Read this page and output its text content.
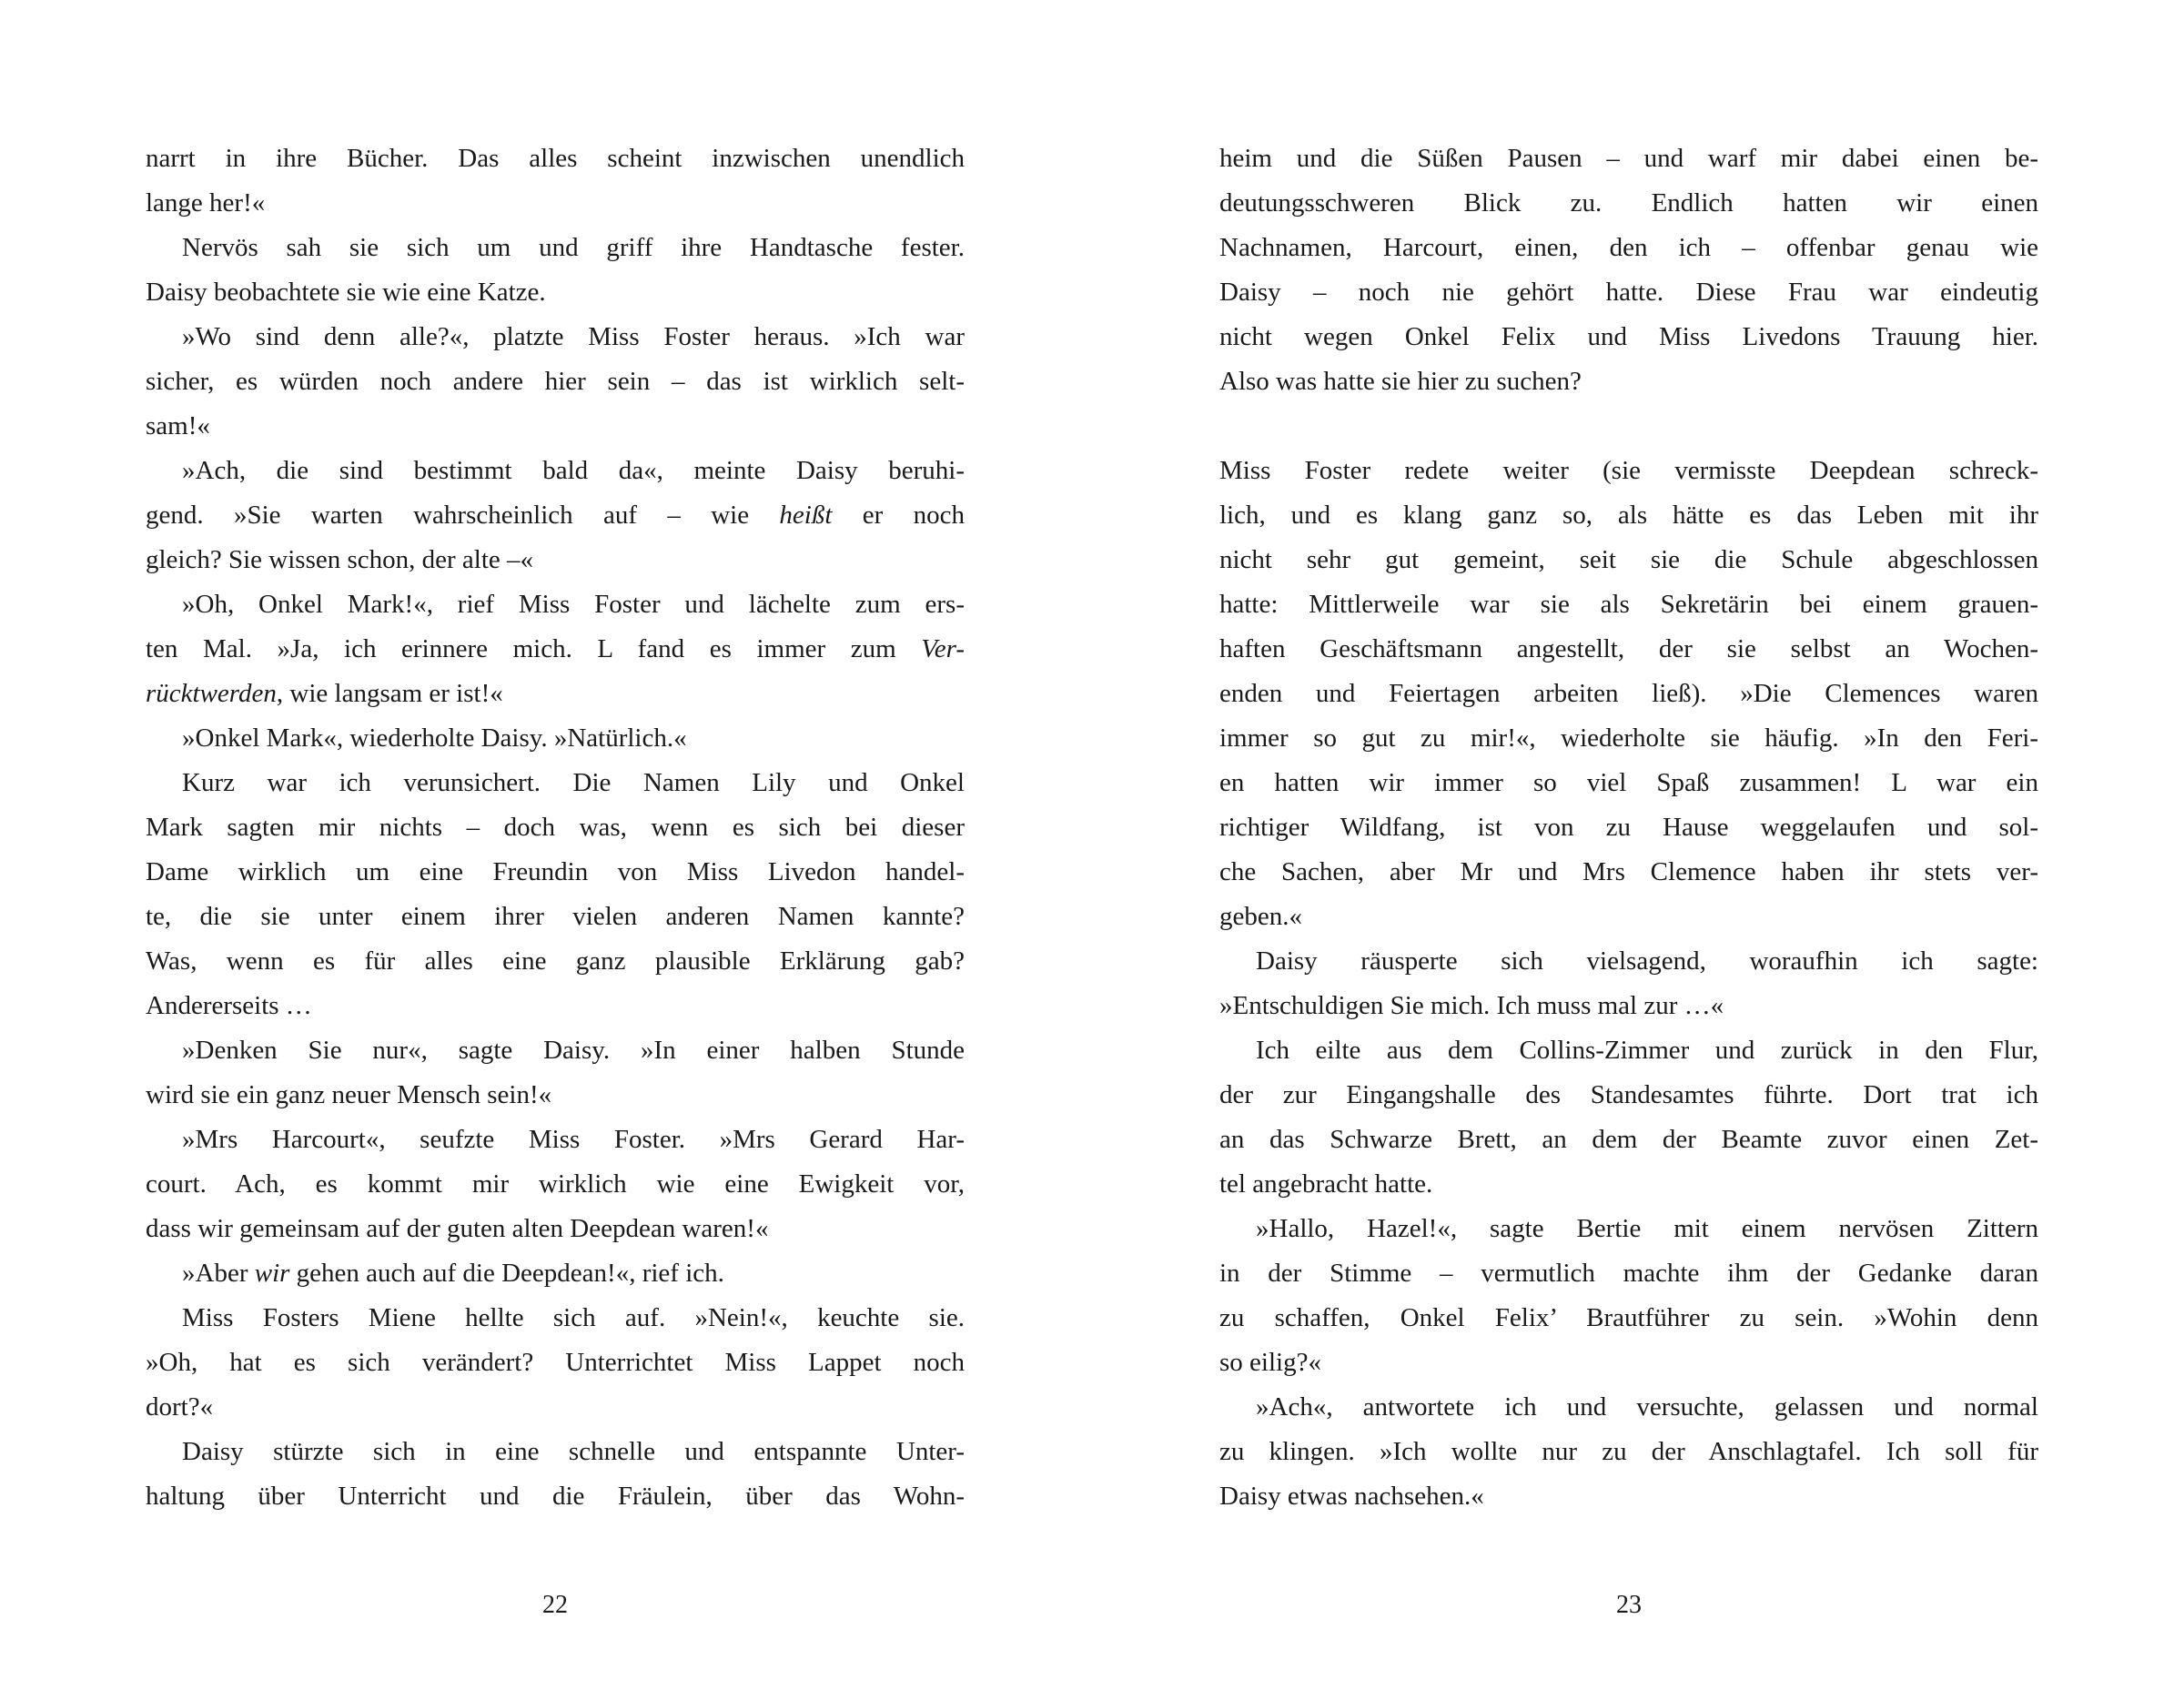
narrt in ihre Bücher. Das alles scheint inzwischen unendlich
lange her!«

Nervös sah sie sich um und griff ihre Handtasche fester.
Daisy beobachtete sie wie eine Katze.

»Wo sind denn alle?«, platzte Miss Foster heraus. »Ich war
sicher, es würden noch andere hier sein – das ist wirklich selt-
sam!«

»Ach, die sind bestimmt bald da«, meinte Daisy beruhi-
gend. »Sie warten wahrscheinlich auf – wie heißt er noch
gleich? Sie wissen schon, der alte –«

»Oh, Onkel Mark!«, rief Miss Foster und lächelte zum ers-
ten Mal. »Ja, ich erinnere mich. L fand es immer zum Ver-
rücktwerden, wie langsam er ist!«

»Onkel Mark«, wiederholte Daisy. »Natürlich.«

Kurz war ich verunsichert. Die Namen Lily und Onkel
Mark sagten mir nichts – doch was, wenn es sich bei dieser
Dame wirklich um eine Freundin von Miss Livedon handel-
te, die sie unter einem ihrer vielen anderen Namen kannte?
Was, wenn es für alles eine ganz plausible Erklärung gab?
Andererseits …

»Denken Sie nur«, sagte Daisy. »In einer halben Stunde
wird sie ein ganz neuer Mensch sein!«

»Mrs Harcourt«, seufzte Miss Foster. »Mrs Gerard Har-
court. Ach, es kommt mir wirklich wie eine Ewigkeit vor,
dass wir gemeinsam auf der guten alten Deepdean waren!«

»Aber wir gehen auch auf die Deepdean!«, rief ich.

Miss Fosters Miene hellte sich auf. »Nein!«, keuchte sie.
»Oh, hat es sich verändert? Unterrichtet Miss Lappet noch
dort?«

Daisy stürzte sich in eine schnelle und entspannte Unter-
haltung über Unterricht und die Fräulein, über das Wohn-

22

heim und die Süßen Pausen – und warf mir dabei einen be-
deutungsschweren Blick zu. Endlich hatten wir einen
Nachnamen, Harcourt, einen, den ich – offenbar genau wie
Daisy – noch nie gehört hatte. Diese Frau war eindeutig
nicht wegen Onkel Felix und Miss Livedons Trauung hier.
Also was hatte sie hier zu suchen?

Miss Foster redete weiter (sie vermisste Deepdean schreck-
lich, und es klang ganz so, als hätte es das Leben mit ihr
nicht sehr gut gemeint, seit sie die Schule abgeschlossen
hatte: Mittlerweile war sie als Sekretärin bei einem grauen-
haften Geschäftsmann angestellt, der sie selbst an Wochen-
enden und Feiertagen arbeiten ließ). »Die Clemences waren
immer so gut zu mir!«, wiederholte sie häufig. »In den Feri-
en hatten wir immer so viel Spaß zusammen! L war ein
richtiger Wildfang, ist von zu Hause weggelaufen und sol-
che Sachen, aber Mr und Mrs Clemence haben ihr stets ver-
geben.«

Daisy räusperte sich vielsagend, woraufhin ich sagte:
»Entschuldigen Sie mich. Ich muss mal zur …«

Ich eilte aus dem Collins-Zimmer und zurück in den Flur,
der zur Eingangshalle des Standesamtes führte. Dort trat ich
an das Schwarze Brett, an dem der Beamte zuvor einen Zet-
tel angebracht hatte.

»Hallo, Hazel!«, sagte Bertie mit einem nervösen Zittern
in der Stimme – vermutlich machte ihm der Gedanke daran
zu schaffen, Onkel Felix’ Brautführer zu sein. »Wohin denn
so eilig?«

»Ach«, antwortete ich und versuchte, gelassen und normal
zu klingen. »Ich wollte nur zu der Anschlagtafel. Ich soll für
Daisy etwas nachsehen.«

23
